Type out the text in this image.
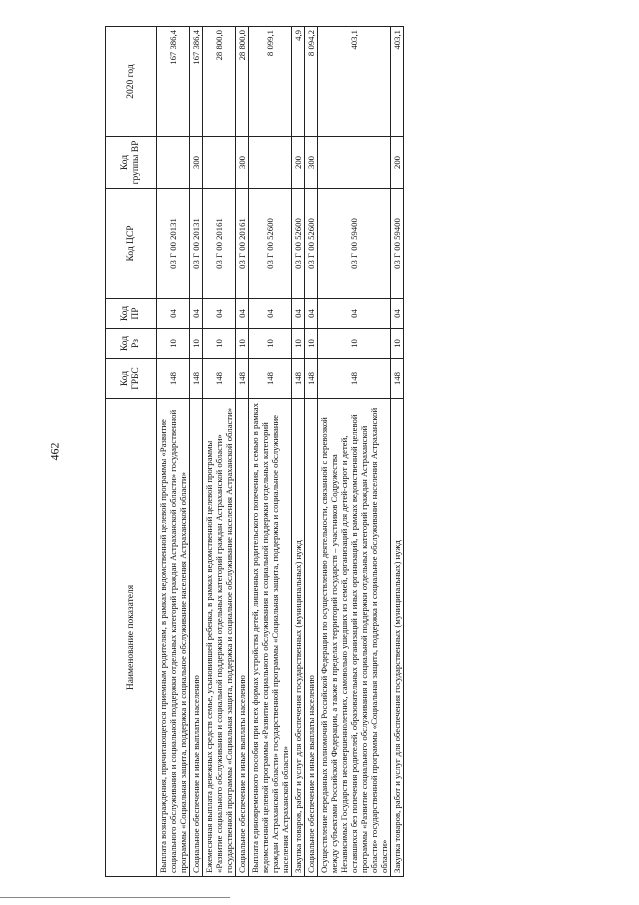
462
Наименование показателя	Код ГРБС	Код Рз	Код ПР	Код ЦСР	Код группы ВР	2020 год
Выплата вознаграждения, причитающегося приемным родителям, в рамках ведомственной целевой программы «Развитие социального обслуживания и социальной поддержки отдельных категорий граждан Астраханской области» государственной программы «Социальная защита, поддержка и социальное обслуживание населения Астраханской области»	148	10	04	03 Г 00 20131		167 386,4
Социальное обеспечение и иные выплаты населению	148	10	04	03 Г 00 20131	300	167 386,4
Ежемесячная выплата денежных средств семье, усыновившей ребенка, в рамках ведомственной целевой программы «Развитие социального обслуживания и социальной поддержки отдельных категорий граждан Астраханской области» государственной программы «Социальная защита, поддержка и социальное обслуживание населения Астраханской области»	148	10	04	03 Г 00 20161		28 800,0
Социальное обеспечение и иные выплаты населению	148	10	04	03 Г 00 20161	300	28 800,0
Выплата единовременного пособия при всех формах устройства детей, лишенных родительского попечения, в семью в рамках ведомственной целевой программы «Развитие социального обслуживания и социальной поддержки отдельных категорий граждан Астраханской области» государственной программы «Социальная защита, поддержка и социальное обслуживание населения Астраханской области»	148	10	04	03 Г 00 52600		8 099,1
Закупка товаров, работ и услуг для обеспечения государственных (муниципальных) нужд	148	10	04	03 Г 00 52600	200	4,9
Социальное обеспечение и иные выплаты населению	148	10	04	03 Г 00 52600	300	8 094,2
Осуществление переданных полномочий Российской Федерации по осуществлению деятельности, связанной с перевозкой между субъектами Российской Федерации, а также в пределах территорий государств – участников Содружества Независимых Государств несовершеннолетних, самовольно ушедших из семей, организаций для детей-сирот и детей, оставшихся без попечения родителей, образовательных организаций и иных организаций, в рамках ведомственной целевой программы «Развитие социального обслуживания и социальной поддержки отдельных категорий граждан Астраханской области» государственной программы «Социальная защита, поддержка и социальное обслуживание населения Астраханской области»	148	10	04	03 Г 00 59400		403,1
Закупка товаров, работ и услуг для обеспечения государственных (муниципальных) нужд	148	10	04	03 Г 00 59400	200	403,1
